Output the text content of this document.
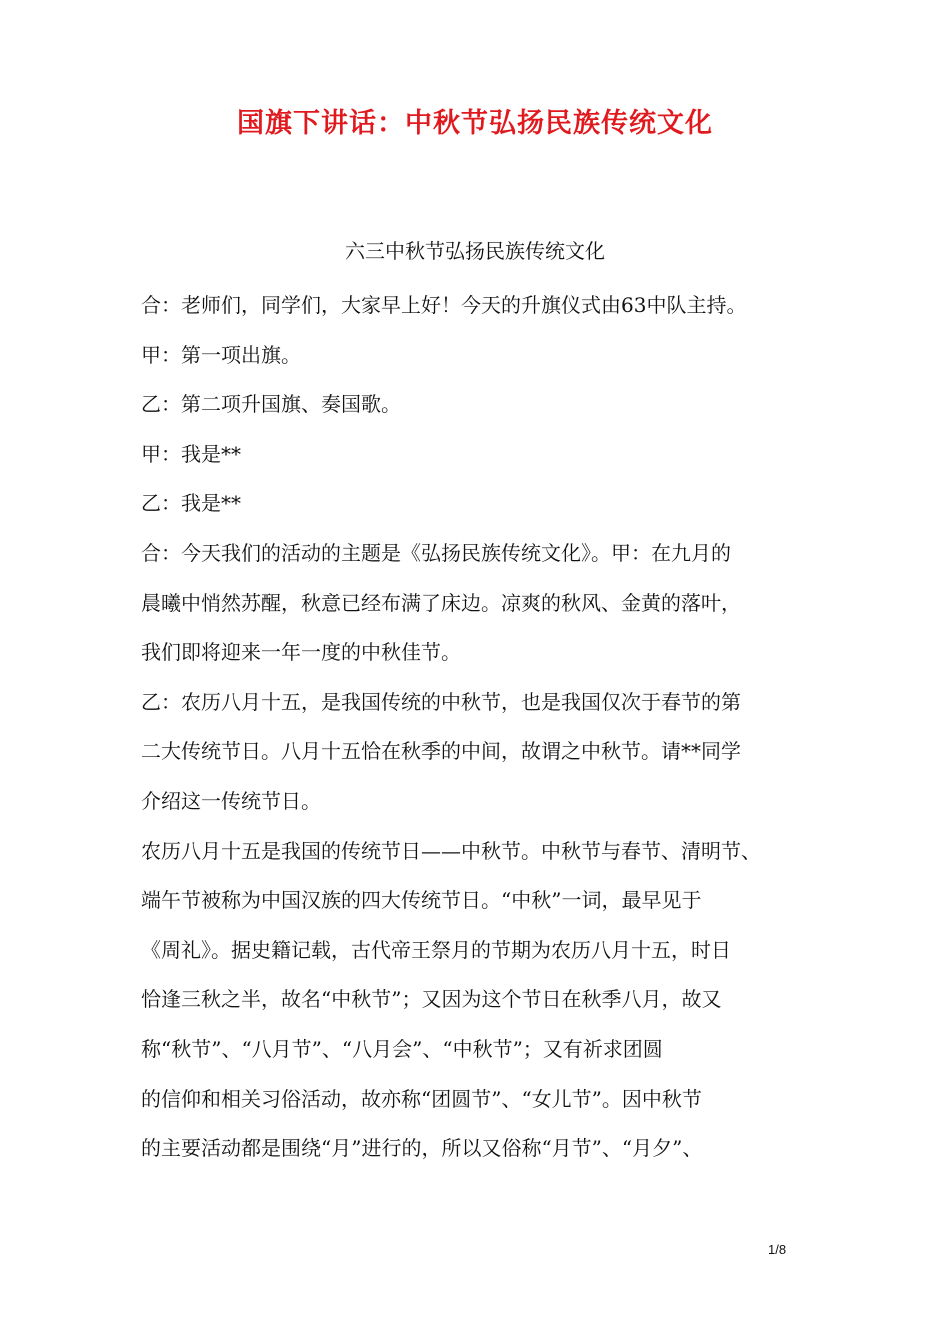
国旗下讲话：中秋节弘扬民族传统文化
六三中秋节弘扬民族传统文化

合：老师们，同学们，大家早上好！今天的升旗仪式由63中队主持。

甲：第一项出旗。

乙：第二项升国旗、奏国歌。

甲：我是**

乙：我是**

合：今天我们的活动的主题是《弘扬民族传统文化》。甲：在九月的
晨曦中悄然苏醒，秋意已经布满了床边。凉爽的秋风、金黄的落叶，
我们即将迎来一年一度的中秋佳节。

乙：农历八月十五，是我国传统的中秋节，也是我国仅次于春节的第
二大传统节日。八月十五恰在秋季的中间，故谓之中秋节。请**同学
介绍这一传统节日。

农历八月十五是我国的传统节日——中秋节。中秋节与春节、清明节、
端午节被称为中国汉族的四大传统节日。“中秋”一词，最早见于
《周礼》。据史籍记载，古代帝王祭月的节期为农历八月十五，时日
恰逢三秋之半，故名“中秋节”；又因为这个节日在秋季八月，故又
称“秋节”、“八月节”、“八月会”、“中秋节”；又有祈求团圆
的信仰和相关习俗活动，故亦称“团圆节”、“女儿节”。因中秋节
的主要活动都是围绕“月”进行的，所以又俗称“月节”、“月夕”、

1/8
